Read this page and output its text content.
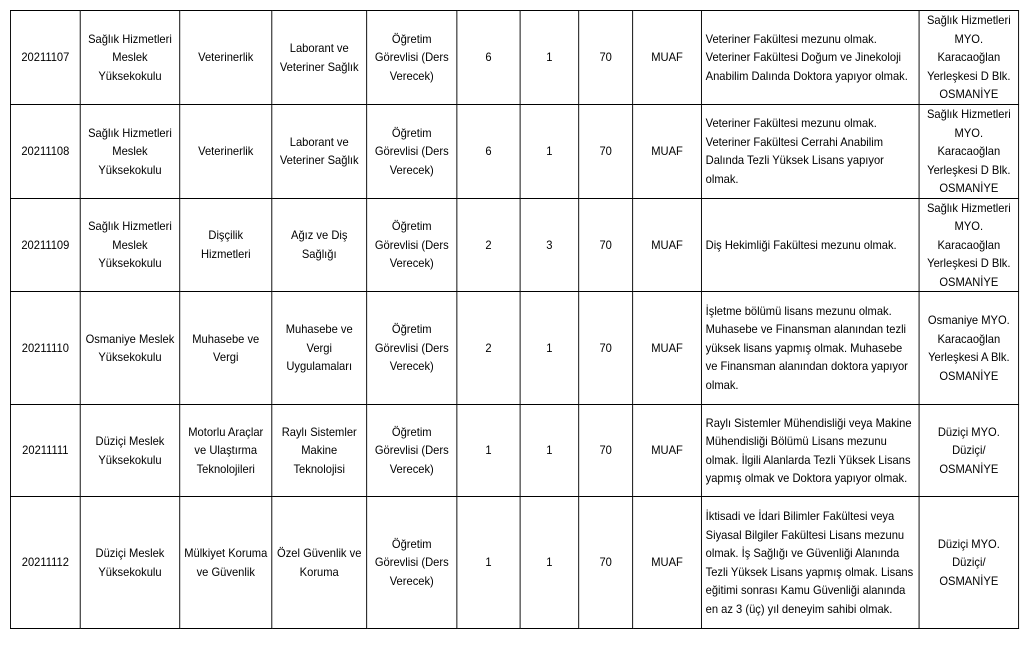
20211107	Sağlık Hizmetleri Meslek Yüksekokulu	Veterinerlik	Laborant ve Veteriner Sağlık	Öğretim Görevlisi (Ders Verecek)	6	1	70	MUAF	Veteriner Fakültesi mezunu olmak. Veteriner Fakültesi Doğum ve Jinekoloji Anabilim Dalında Doktora yapıyor olmak.	Sağlık Hizmetleri MYO. Karacaoğlan Yerleşkesi D Blk. OSMANİYE
20211108	Sağlık Hizmetleri Meslek Yüksekokulu	Veterinerlik	Laborant ve Veteriner Sağlık	Öğretim Görevlisi (Ders Verecek)	6	1	70	MUAF	Veteriner Fakültesi mezunu olmak. Veteriner Fakültesi Cerrahi Anabilim Dalında Tezli Yüksek Lisans yapıyor olmak.	Sağlık Hizmetleri MYO. Karacaoğlan Yerleşkesi D Blk. OSMANİYE
20211109	Sağlık Hizmetleri Meslek Yüksekokulu	Dişçilik Hizmetleri	Ağız ve Diş Sağlığı	Öğretim Görevlisi (Ders Verecek)	2	3	70	MUAF	Diş Hekimliği Fakültesi mezunu olmak.	Sağlık Hizmetleri MYO. Karacaoğlan Yerleşkesi D Blk. OSMANİYE
20211110	Osmaniye Meslek Yüksekokulu	Muhasebe ve Vergi	Muhasebe ve Vergi Uygulamaları	Öğretim Görevlisi (Ders Verecek)	2	1	70	MUAF	İşletme bölümü lisans mezunu olmak. Muhasebe ve Finansman alanından tezli yüksek lisans yapmış olmak. Muhasebe ve Finansman alanından doktora yapıyor olmak.	Osmaniye MYO. Karacaoğlan Yerleşkesi A Blk. OSMANİYE
20211111	Düziçi Meslek Yüksekokulu	Motorlu Araçlar ve Ulaştırma Teknolojileri	Raylı Sistemler Makine Teknolojisi	Öğretim Görevlisi (Ders Verecek)	1	1	70	MUAF	Raylı Sistemler Mühendisliği veya Makine Mühendisliği Bölümü Lisans mezunu olmak. İlgili Alanlarda Tezli Yüksek Lisans yapmış olmak ve Doktora yapıyor olmak.	Düziçi MYO. Düziçi/ OSMANİYE
20211112	Düziçi Meslek Yüksekokulu	Mülkiyet Koruma ve Güvenlik	Özel Güvenlik ve Koruma	Öğretim Görevlisi (Ders Verecek)	1	1	70	MUAF	İktisadi ve İdari Bilimler Fakültesi veya Siyasal Bilgiler Fakültesi Lisans mezunu olmak. İş Sağlığı ve Güvenliği Alanında Tezli Yüksek Lisans yapmış olmak. Lisans eğitimi sonrası Kamu Güvenliği alanında en az 3 (üç) yıl deneyim sahibi olmak.	Düziçi MYO. Düziçi/ OSMANİYE
